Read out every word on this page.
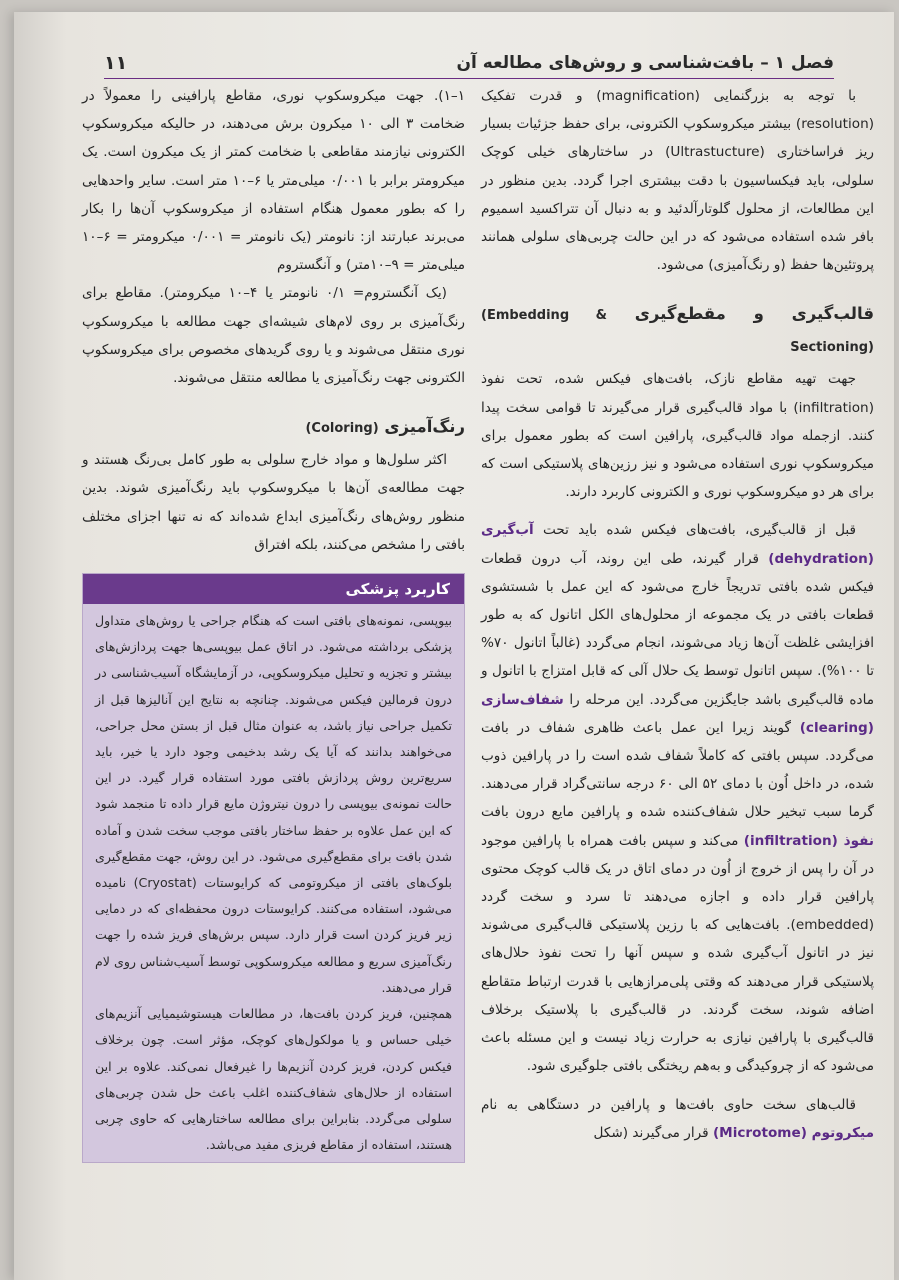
فصل ۱ – بافت‌شناسی و روش‌های مطالعه آن
۱۱

با توجه به بزرگنمایی (magnification) و قدرت تفکیک (resolution) بیشتر میکروسکوپ الکترونی، برای حفظ جزئیات بسیار ریز فراساختاری (Ultrastucture) در ساختارهای خیلی کوچک سلولی، باید فیکساسیون با دقت بیشتری اجرا گردد. بدین منظور در این مطالعات، از محلول گلوتارآلدئید و به دنبال آن تتراکسید اسمیوم بافر شده استفاده می‌شود که در این حالت چربی‌های سلولی همانند پروتئین‌ها حفظ (و رنگ‌آمیزی) می‌شود.

قالب‌گیری و مقطع‌گیری (Embedding & Sectioning)

جهت تهیه مقاطع نازک، بافت‌های فیکس شده، تحت نفوذ (infiltration) با مواد قالب‌گیری قرار می‌گیرند تا قوامی سخت پیدا کنند. ازجمله مواد قالب‌گیری، پارافین است که بطور معمول برای میکروسکوپ نوری استفاده می‌شود و نیز رزین‌های پلاستیکی است که برای هر دو میکروسکوپ نوری و الکترونی کاربرد دارند.

قبل از قالب‌گیری، بافت‌های فیکس شده باید تحت آب‌گیری (dehydration) قرار گیرند، طی این روند، آب درون قطعات فیکس شده بافتی تدریجاً خارج می‌شود که این عمل با شستشوی قطعات بافتی در یک مجموعه از محلول‌های الکل اتانول که به طور افزایشی غلظت آن‌ها زیاد می‌شوند، انجام می‌گردد (غالباً اتانول ۷۰% تا ۱۰۰%). سپس اتانول توسط یک حلال آلی که قابل امتزاج با اتانول و ماده قالب‌گیری باشد جایگزین می‌گردد. این مرحله را شفاف‌سازی (clearing) گویند زیرا این عمل باعث ظاهری شفاف در بافت می‌گردد. سپس بافتی که کاملاً شفاف شده است را در پارافین ذوب شده، در داخل اُون با دمای ۵۲ الی ۶۰ درجه سانتی‌گراد قرار می‌دهند. گرما سبب تبخیر حلال شفاف‌کننده شده و پارافین مایع درون بافت نفوذ (infiltration) می‌کند و سپس بافت همراه با پارافین موجود در آن را پس از خروج از اُون در دمای اتاق در یک قالب کوچک محتوی پارافین قرار داده و اجازه می‌دهند تا سرد و سخت گردد (embedded). بافت‌هایی که با رزین پلاستیکی قالب‌گیری می‌شوند نیز در اتانول آب‌گیری شده و سپس آنها را تحت نفوذ حلال‌های پلاستیکی قرار می‌دهند که وقتی پلی‌مرازهایی با قدرت ارتباط متقاطع اضافه شوند، سخت گردند. در قالب‌گیری با پلاستیک برخلاف قالب‌گیری با پارافین نیازی به حرارت زیاد نیست و این مسئله باعث می‌شود که از چروکیدگی و به‌هم ریختگی بافتی جلوگیری شود.

قالب‌های سخت حاوی بافت‌ها و پارافین در دستگاهی به نام میکروتوم (Microtome) قرار می‌گیرند (شکل

۱–۱). جهت میکروسکوپ نوری، مقاطع پارافینی را معمولاً در ضخامت ۳ الی ۱۰ میکرون برش می‌دهند، در حالیکه میکروسکوپ الکترونی نیازمند مقاطعی با ضخامت کمتر از یک میکرون است. یک میکرومتر برابر با ۰/۰۰۱ میلی‌متر یا ۶–۱۰ متر است. سایر واحدهایی را که بطور معمول هنگام استفاده از میکروسکوپ آن‌ها را بکار می‌برند عبارتند از: نانومتر (یک نانومتر = ۰/۰۰۱ میکرومتر = ۶–۱۰ میلی‌متر = ۹–۱۰متر) و آنگستروم

(یک آنگستروم= ۰/۱ نانومتر یا ۴–۱۰ میکرومتر). مقاطع برای رنگ‌آمیزی بر روی لام‌های شیشه‌ای جهت مطالعه با میکروسکوپ نوری منتقل می‌شوند و یا روی گریدهای مخصوص برای میکروسکوپ الکترونی جهت رنگ‌آمیزی یا مطالعه منتقل می‌شوند.

رنگ‌آمیزی (Coloring)

اکثر سلول‌ها و مواد خارج سلولی به طور کامل بی‌رنگ هستند و جهت مطالعه‌ی آن‌ها با میکروسکوپ باید رنگ‌آمیزی شوند. بدین منظور روش‌های رنگ‌آمیزی ابداع شده‌اند که نه تنها اجزای مختلف بافتی را مشخص می‌کنند، بلکه افتراق

کاربرد پزشکی

بیوپسی، نمونه‌های بافتی است که هنگام جراحی یا روش‌های متداول پزشکی برداشته می‌شود. در اتاق عمل بیوپسی‌ها جهت پردازش‌های بیشتر و تجزیه و تحلیل میکروسکوپی، در آزمایشگاه آسیب‌شناسی در درون فرمالین فیکس می‌شوند. چنانچه به نتایج این آنالیزها قبل از تکمیل جراحی نیاز باشد، به عنوان مثال قبل از بستن محل جراحی، می‌خواهند بدانند که آیا یک رشد بدخیمی وجود دارد یا خیر، باید سریع‌ترین روش پردازش بافتی مورد استفاده قرار گیرد. در این حالت نمونه‌ی بیوپسی را درون نیتروژن مایع قرار داده تا منجمد شود که این عمل علاوه بر حفظ ساختار بافتی موجب سخت شدن و آماده شدن بافت برای مقطع‌گیری می‌شود. در این روش، جهت مقطع‌گیری بلوک‌های بافتی از میکروتومی که کرایوستات (Cryostat) نامیده می‌شود، استفاده می‌کنند. کرایوستات درون محفظه‌ای که در دمایی زیر فریز کردن است قرار دارد. سپس برش‌های فریز شده را جهت رنگ‌آمیزی سریع و مطالعه میکروسکوپی توسط آسیب‌شناس روی لام قرار می‌دهند.

همچنین، فریز کردن بافت‌ها، در مطالعات هیستوشیمیایی آنزیم‌های خیلی حساس و یا مولکول‌های کوچک، مؤثر است. چون برخلاف فیکس کردن، فریز کردن آنزیم‌ها را غیرفعال نمی‌کند. علاوه بر این استفاده از حلال‌های شفاف‌کننده اغلب باعث حل شدن چربی‌های سلولی می‌گردد. بنابراین برای مطالعه ساختارهایی که حاوی چربی هستند، استفاده از مقاطع فریزی مفید می‌باشد.
